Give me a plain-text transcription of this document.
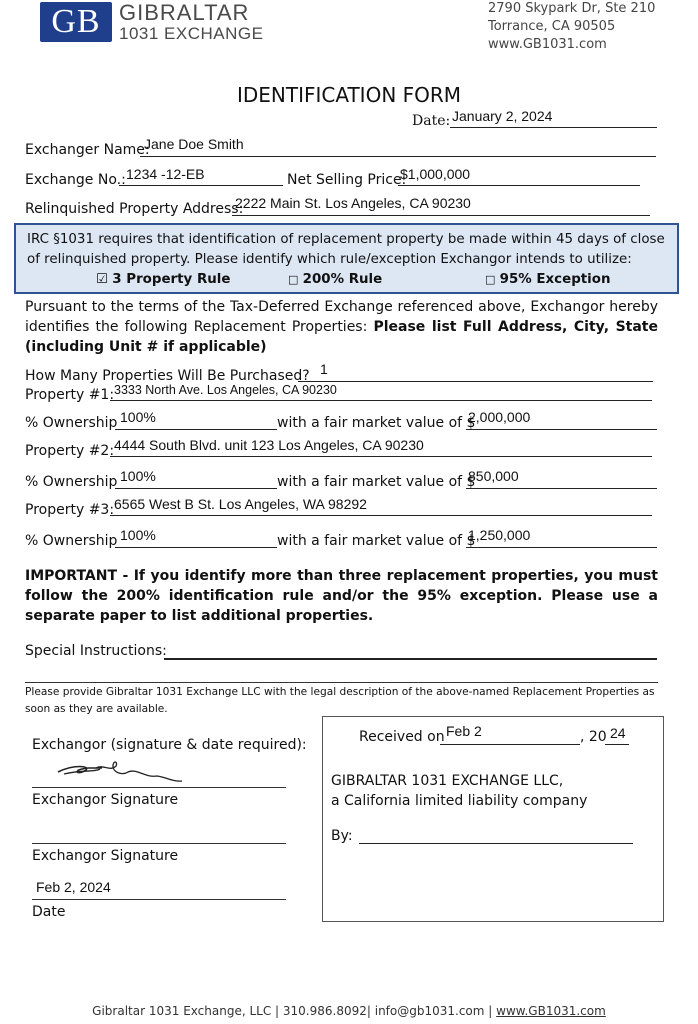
GB GIBRALTAR
1031 EXCHANGE
2790 Skypark Dr, Ste 210
Torrance, CA 90505
www.GB1031.com
IDENTIFICATION FORM
Date: January 2, 2024
Exchanger Name:
Jane Doe Smith
Exchange No.: 1234 -12-EB	Net Selling Price:
$1,000,000
Relinquished Property Address:
2222 Main St. Los Angeles, CA 90230
IRC §1031 requires that identification of replacement property be made within 45 days of close
of relinquished property. Please identify which rule/exception Exchangor intends to utilize:
☑ 3 Property Rule	□ 200% Rule	□ 95% Exception
Pursuant to the terms of the Tax-Deferred Exchange referenced above, Exchangor hereby identifies the following Replacement Properties: Please list Full Address, City, State (including Unit # if applicable)
How Many Properties Will Be Purchased? 1
Property #1: 3333 North Ave. Los Angeles, CA 90230
% Ownership 100%	with a fair market value of $
2,000,000
Property #2: 4444 South Blvd. unit 123 Los Angeles, CA 90230
% Ownership 100%	with a fair market value of $
850,000
Property #3: 6565 West B St. Los Angeles, WA 98292
% Ownership 100%	with a fair market value of $
1,250,000
IMPORTANT - If you identify more than three replacement properties, you must follow the 200% identification rule and/or the 95% exception. Please use a separate paper to list additional properties.
Special Instructions:
Please provide Gibraltar 1031 Exchange LLC with the legal description of the above-named Replacement Properties as soon as they are available.
Exchangor (signature & date required):
Exchangor Signature
Exchangor Signature
Feb 2, 2024
Date
Received on Feb 2	, 20 24
GIBRALTAR 1031 EXCHANGE LLC,
a California limited liability company
By:
Gibraltar 1031 Exchange, LLC | 310.986.8092| info@gb1031.com | www.GB1031.com
